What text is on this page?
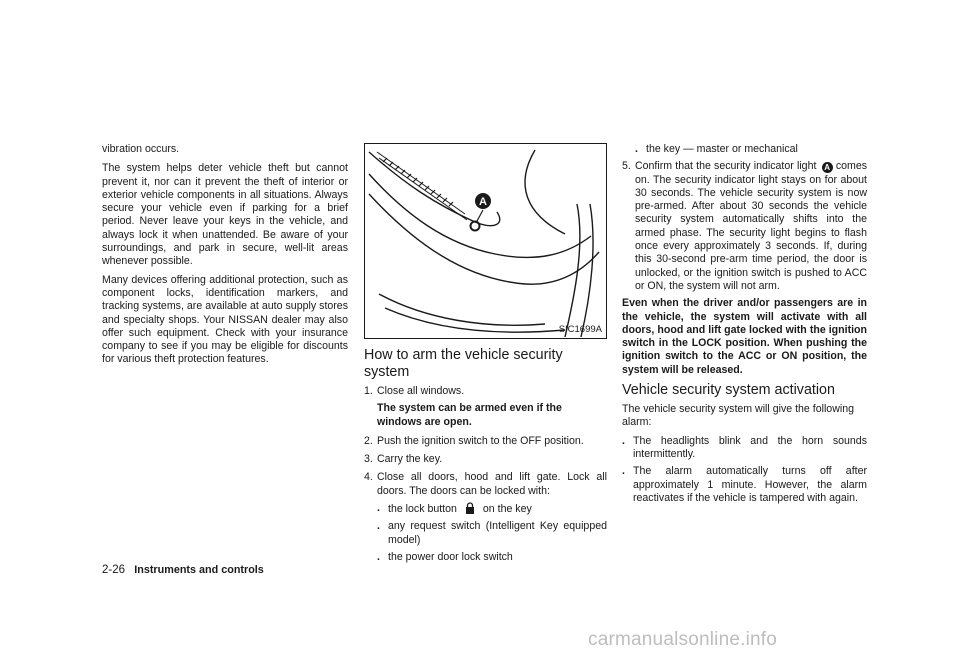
vibration occurs.

The system helps deter vehicle theft but cannot prevent it, nor can it prevent the theft of interior or exterior vehicle components in all situations. Always secure your vehicle even if parking for a brief period. Never leave your keys in the vehicle, and always lock it when unattended. Be aware of your surroundings, and park in secure, well-lit areas whenever possible.

Many devices offering additional protection, such as component locks, identification markers, and tracking systems, are available at auto supply stores and specialty shops. Your NISSAN dealer may also offer such equipment. Check with your insurance company to see if you may be eligible for discounts for various theft protection features.

A
SIC1699A
How to arm the vehicle security system
1. Close all windows.
The system can be armed even if the windows are open.
2. Push the ignition switch to the OFF position.
3. Carry the key.
4. Close all doors, hood and lift gate. Lock all doors. The doors can be locked with:
. the lock button on the key
. any request switch (Intelligent Key equipped model)
. the power door lock switch
. the key — master or mechanical
5. Confirm that the security indicator light A comes on. The security indicator light stays on for about 30 seconds. The vehicle security system is now pre-armed. After about 30 seconds the vehicle security system automatically shifts into the armed phase. The security light begins to flash once every approximately 3 seconds. If, during this 30-second pre-arm time period, the door is unlocked, or the ignition switch is pushed to ACC or ON, the system will not arm.

Even when the driver and/or passengers are in the vehicle, the system will activate with all doors, hood and lift gate locked with the ignition switch in the LOCK position. When pushing the ignition switch to the ACC or ON position, the system will be released.

Vehicle security system activation

The vehicle security system will give the following alarm:

. The headlights blink and the horn sounds intermittently.
. The alarm automatically turns off after approximately 1 minute. However, the alarm reactivates if the vehicle is tampered with again.
2-26 Instruments and controls
carmanualsonline.info
